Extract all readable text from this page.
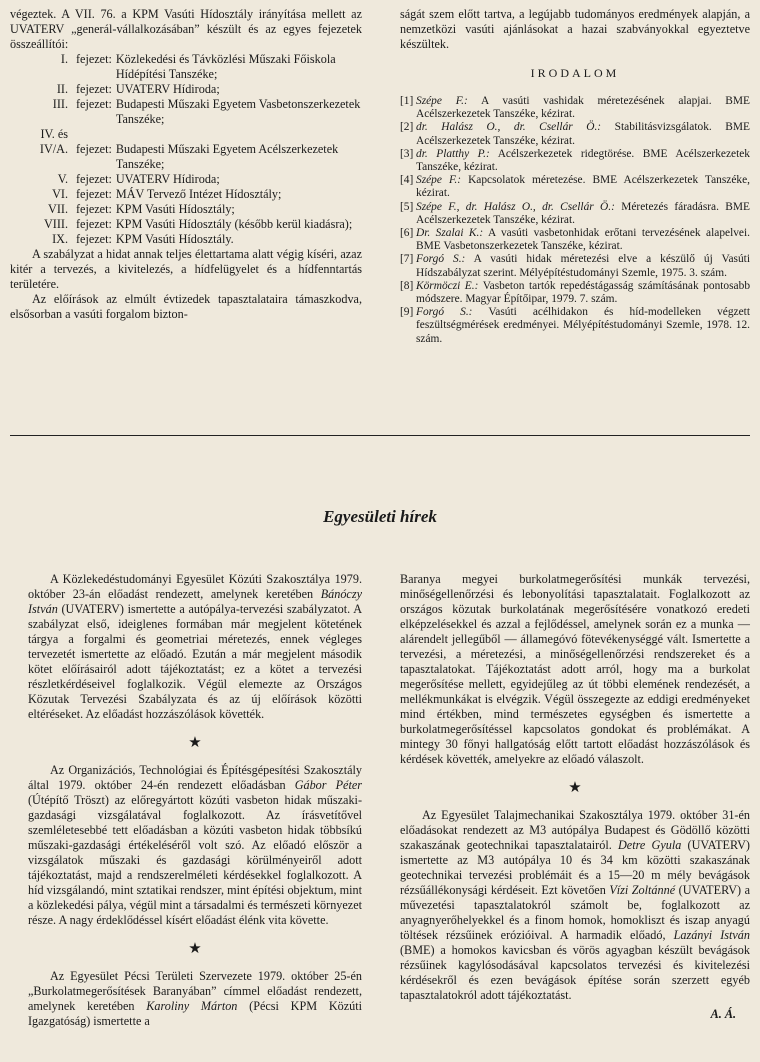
végeztek. A VII. 76. a KPM Vasúti Hídosztály irányítása mellett az UVATERV „generál-vállalkozásában” készült és az egyes fejezetek összeállítói:

I. fejezet: Közlekedési és Távközlési Műszaki Főiskola Hídépítési Tanszéke;
II. fejezet: UVATERV Hídiroda;
III. fejezet: Budapesti Műszaki Egyetem Vasbetonszerkezetek Tanszéke;
IV. és
IV/A. fejezet: Budapesti Műszaki Egyetem Acélszerkezetek Tanszéke;
V. fejezet: UVATERV Hídiroda;
VI. fejezet: MÁV Tervező Intézet Hídosztály;
VII. fejezet: KPM Vasúti Hídosztály;
VIII. fejezet: KPM Vasúti Hídosztály (később kerül kiadásra);
IX. fejezet: KPM Vasúti Hídosztály.

A szabályzat a hidat annak teljes élettartama alatt végig kíséri, azaz kitér a tervezés, a kivitelezés, a hídfelügyelet és a hídfenntartás területére.

Az előírások az elmúlt évtizedek tapasztalataira támaszkodva, elsősorban a vasúti forgalom bizton-

ságát szem előtt tartva, a legújabb tudományos eredmények alapján, a nemzetközi vasúti ajánlásokat a hazai szabványokkal egyeztetve készültek.

IRODALOM
[1] Szépe F.: A vasúti vashidak méretezésének alapjai. BME Acélszerkezetek Tanszéke, kézirat.
[2] dr. Halász O., dr. Csellár Ö.: Stabilitásvizsgálatok. BME Acélszerkezetek Tanszéke, kézirat.
[3] dr. Platthy P.: Acélszerkezetek ridegtörése. BME Acélszerkezetek Tanszéke, kézirat.
[4] Szépe F.: Kapcsolatok méretezése. BME Acélszerkezetek Tanszéke, kézirat.
[5] Szépe F., dr. Halász O., dr. Csellár Ö.: Méretezés fáradásra. BME Acélszerkezetek Tanszéke, kézirat.
[6] Dr. Szalai K.: A vasúti vasbetonhidak erőtani tervezésének alapelvei. BME Vasbetonszerkezetek Tanszéke, kézirat.
[7] Forgó S.: A vasúti hidak méretezési elve a készülő új Vasúti Hídszabályzat szerint. Mélyépítéstudományi Szemle, 1975. 3. szám.
[8] Körmöczi E.: Vasbeton tartók repedéstágasság számításának pontosabb módszere. Magyar Építőipar, 1979. 7. szám.
[9] Forgó S.: Vasúti acélhidakon és híd-modelleken végzett feszültségmérések eredményei. Mélyépítéstudományi Szemle, 1978. 12. szám.
Egyesületi hírek

A Közlekedéstudományi Egyesület Közúti Szakosztálya 1979. október 23-án előadást rendezett, amelynek keretében Bánóczy István (UVATERV) ismertette a autópálya-tervezési szabályzatot. A szabályzat első, ideiglenes formában már megjelent kötetének tárgya a forgalmi és geometriai méretezés, ennek végleges tervezetét ismertette az előadó. Ezután a már megjelent második kötet előírásairól adott tájékoztatást; ez a kötet a tervezési részletkérdéseivel foglalkozik. Végül elemezte az Országos Közutak Tervezési Szabályzata és az új előírások közötti eltéréseket. Az előadást hozzászólások követték.

★

Az Organizációs, Technológiai és Építésgépesítési Szakosztály által 1979. október 24-én rendezett előadásban Gábor Péter (Útépítő Tröszt) az előregyártott közúti vasbeton hidak műszaki-gazdasági vizsgálatával foglalkozott. Az írásvetítővel szemléletesebbé tett előadásban a közúti vasbeton hidak többsíkú műszaki-gazdasági értékeléséről volt szó. Az előadó először a vizsgálatok műszaki és gazdasági körülményeiről adott tájékoztatást, majd a rendszerelméleti kérdésekkel foglalkozott. A híd vizsgálandó, mint sztatikai rendszer, mint építési objektum, mint a közlekedési pálya, végül mint a társadalmi és természeti környezet része. A nagy érdeklődéssel kísért előadást élénk vita követte.

★

Az Egyesület Pécsi Területi Szervezete 1979. október 25-én „Burkolatmegerősítések Baranyában” címmel előadást rendezett, amelynek keretében Karoliny Márton (Pécsi KPM Közúti Igazgatóság) ismertette a

Baranya megyei burkolatmegerősítési munkák tervezési, minőségellenőrzési és lebonyolítási tapasztalatait. Foglalkozott az országos közutak burkolatának megerősítésére vonatkozó eredeti elképzelésekkel és azzal a fejlődéssel, amelynek során ez a munka — alárendelt jellegűből — államegóvó fötevékenységgé vált. Ismertette a tervezési, a méretezési, a minőségellenőrzési rendszereket és a tapasztalatokat. Tájékoztatást adott arról, hogy ma a burkolat megerősítése mellett, egyidejűleg az út többi elemének rendezését, a mellékmunkákat is elvégzik. Végül összegezte az eddigi eredményeket mind értékben, mind természetes egységben és ismertette a burkolatmegerősítéssel kapcsolatos gondokat és problémákat. A mintegy 30 főnyi hallgatóság előtt tartott előadást hozzászólások és kérdések követték, amelyekre az előadó válaszolt.

★

Az Egyesület Talajmechanikai Szakosztálya 1979. október 31-én előadásokat rendezett az M3 autópálya Budapest és Gödöllő közötti szakaszának geotechnikai tapasztalatairól. Detre Gyula (UVATERV) ismertette az M3 autópálya 10 és 34 km közötti szakaszának geotechnikai tervezési problémáit és a 15—20 m mély bevágások rézsűállékonysági kérdéseit. Ezt követően Vízi Zoltánné (UVATERV) a művezetési tapasztalatokról számolt be, foglalkozott az anyagnyerőhelyekkel és a finom homok, homokliszt és iszap anyagú töltések rézsűinek erózióival. A harmadik előadó, Lazányi István (BME) a homokos kavicsban és vörös agyagban készült bevágások rézsűinek kagylósodásával kapcsolatos tervezési és kivitelezési kérdésekről és ezen bevágások építése során szerzett egyéb tapasztalatokról adott tájékoztatást.

A. Á.
